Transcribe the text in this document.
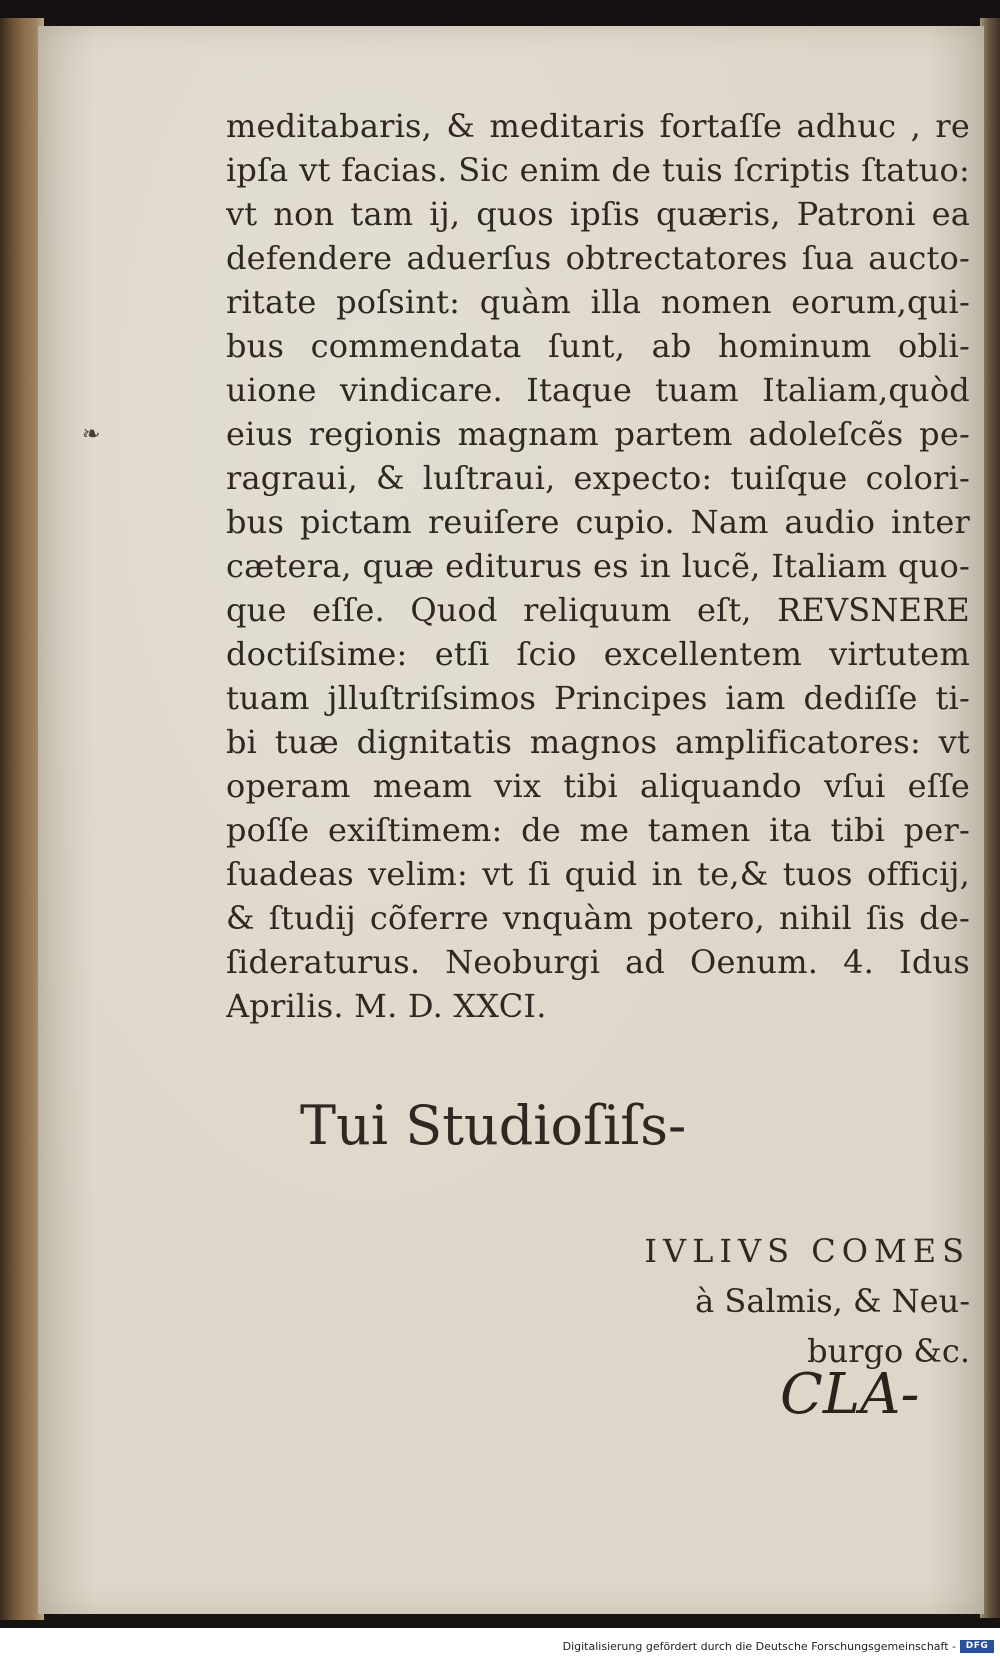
❧
meditabaris, & meditaris fortaſſe adhuc , re
ipſa vt facias. Sic enim de tuis ſcriptis ſtatuo:
vt non tam ij, quos ipſis quæris, Patroni ea
defendere aduerſus obtrectatores ſua aucto-
ritate poſsint: quàm illa nomen eorum,qui-
bus commendata ſunt, ab hominum obli-
uione vindicare. Itaque tuam Italiam,quòd
eius regionis magnam partem adoleſcẽs pe-
ragraui, & luſtraui, expecto: tuiſque colori-
bus pictam reuiſere cupio. Nam audio inter
cætera, quæ editurus es in lucẽ, Italiam quo-
que eſſe. Quod reliquum eſt, REVSNERE
doctiſsime: etſi ſcio excellentem virtutem
tuam jlluſtriſsimos Principes iam dediſſe ti-
bi tuæ dignitatis magnos amplificatores: vt
operam meam vix tibi aliquando vſui eſſe
poſſe exiſtimem: de me tamen ita tibi per-
ſuadeas velim: vt ſi quid in te,& tuos officij,
& ſtudij cõferre vnquàm potero, nihil ſis de-
ſideraturus. Neoburgi ad Oenum. 4. Idus
Aprilis. M. D. XXCI.
Tui Studioſiſs-
IVLIVS COMES
à Salmis, & Neu-
burgo &c.
CLA-
Digitalisierung gefördert durch die Deutsche Forschungsgemeinschaft -	DFG
